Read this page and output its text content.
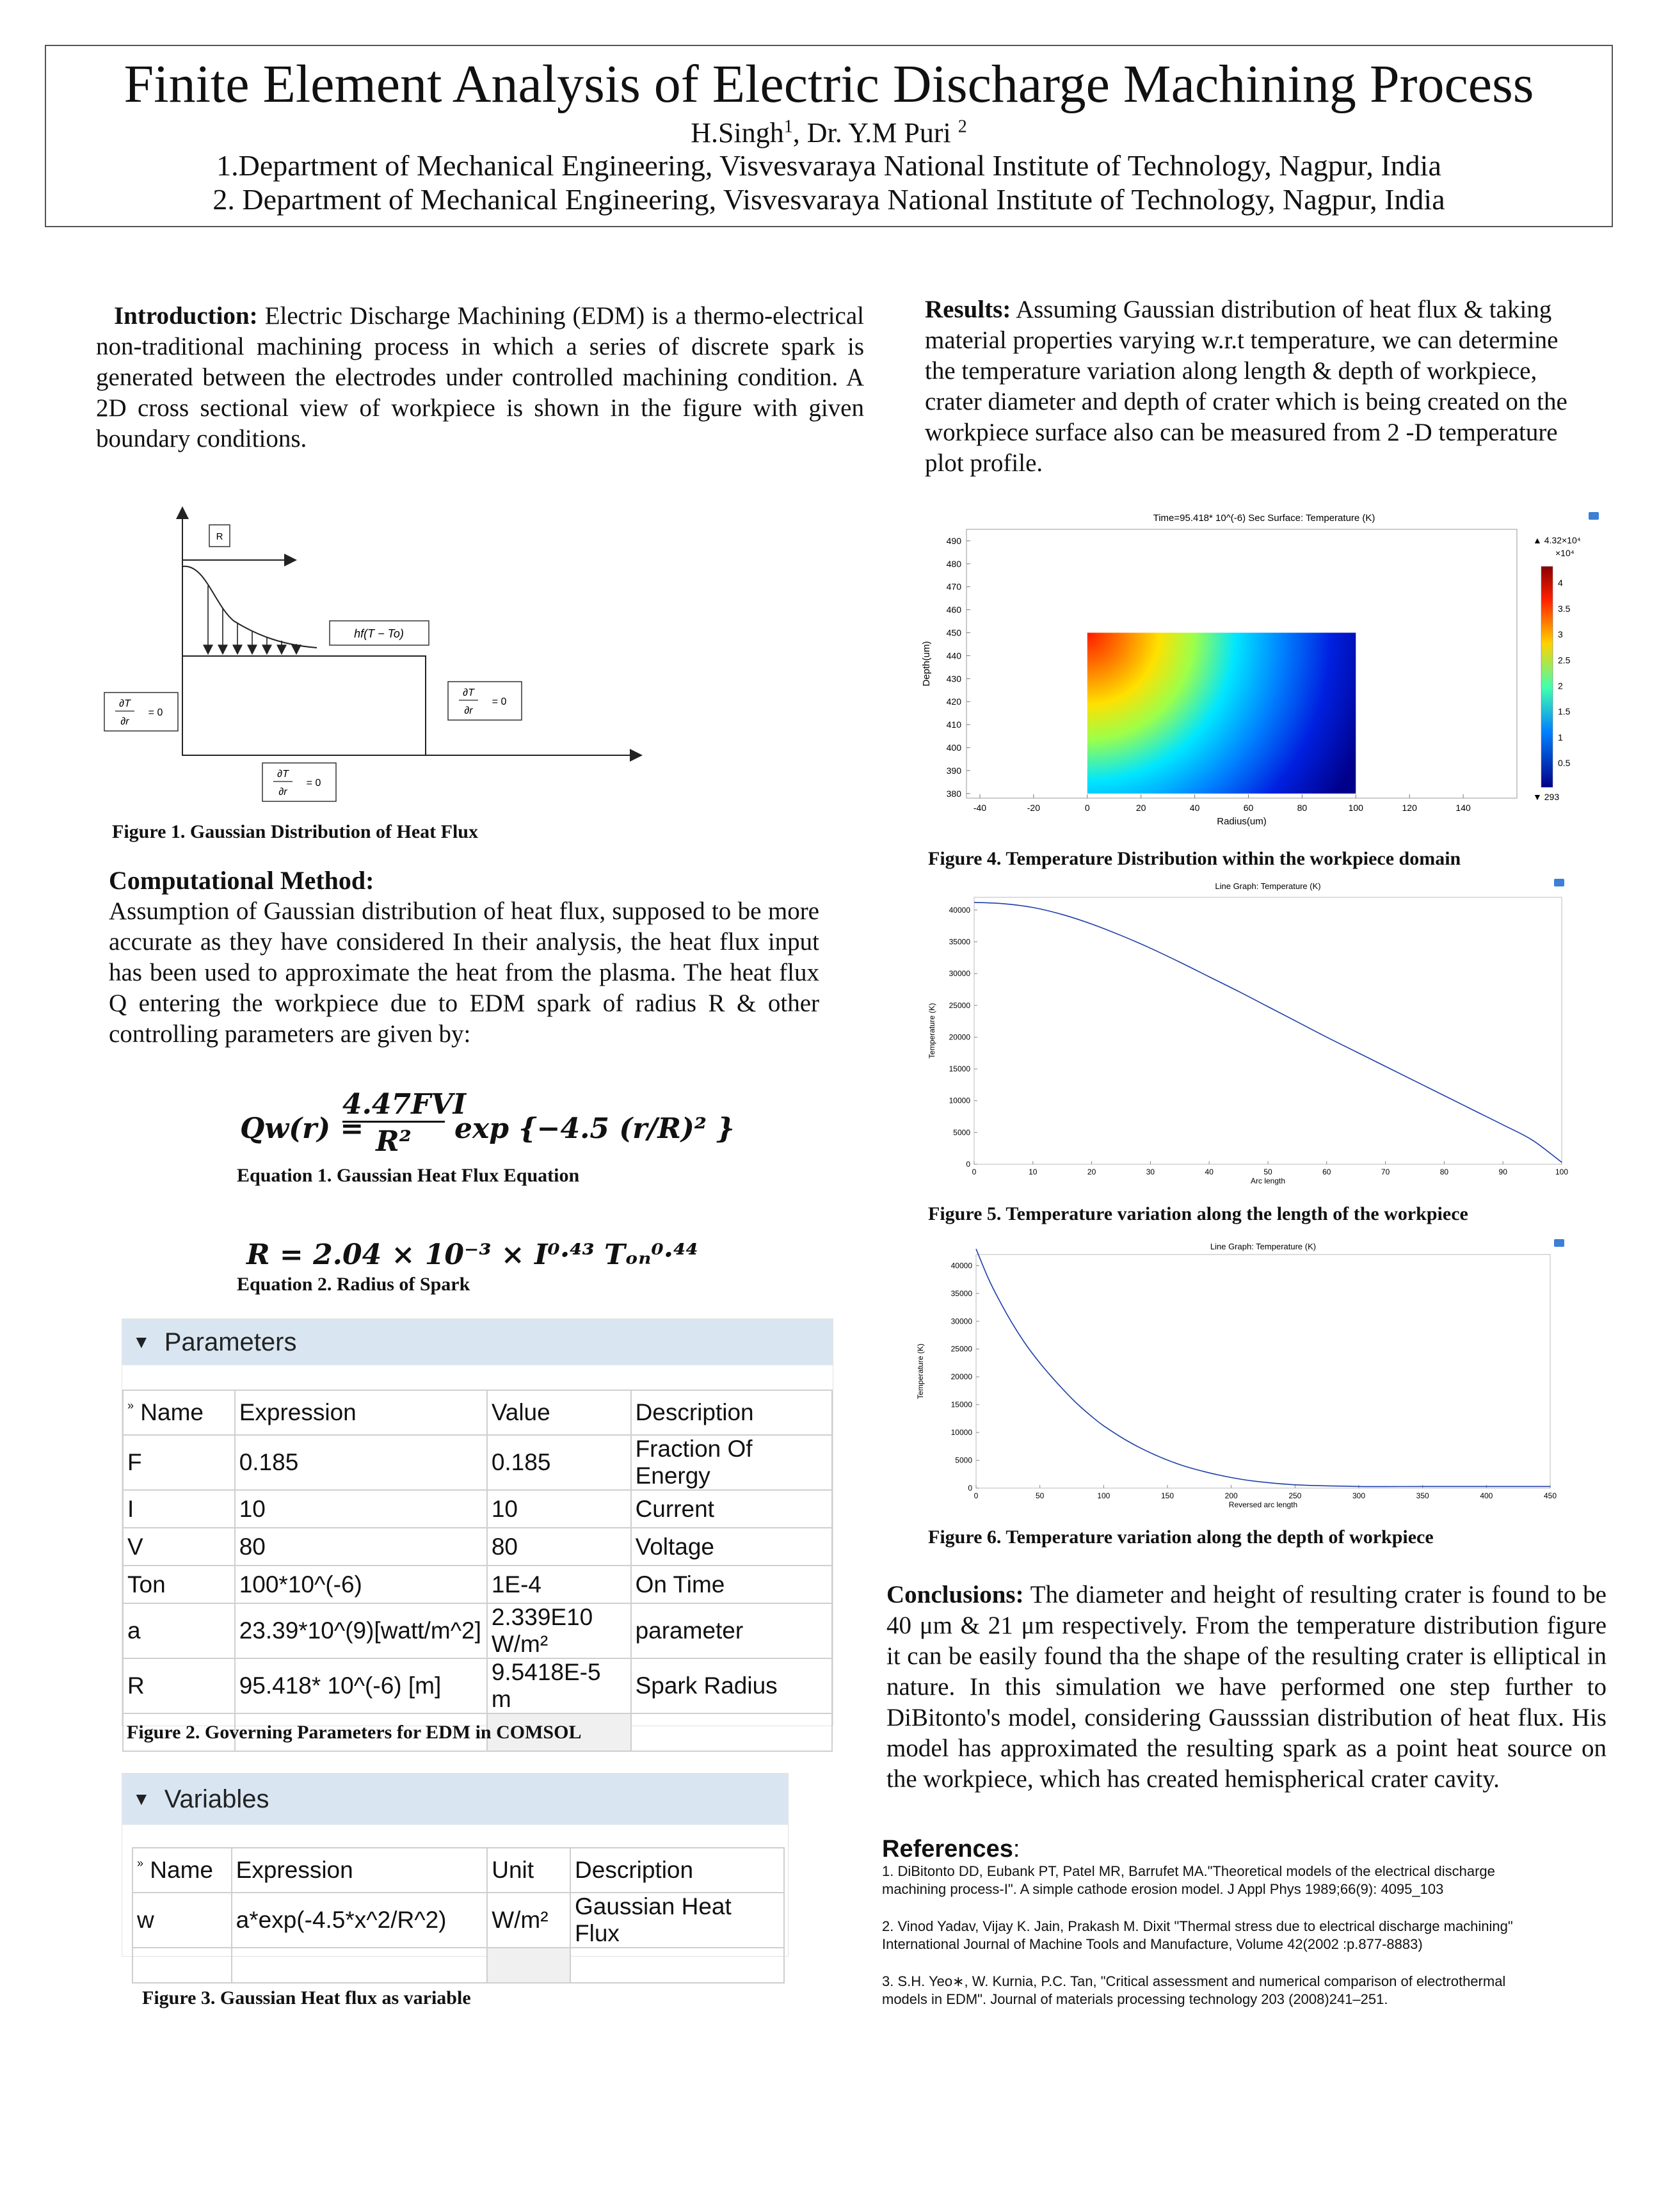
Finite Element Analysis of Electric Discharge Machining Process
H.Singh$^1$, Dr. Y.M Puri $^2$
1.Department of Mechanical Engineering, Visvesvaraya National Institute of Technology, Nagpur, India
2. Department of Mechanical Engineering, Visvesvaraya National Institute of Technology, Nagpur, India
Introduction: Electric Discharge Machining (EDM) is a thermo-electrical non-traditional machining process in which a series of discrete spark is generated between the electrodes under controlled machining condition. A 2D cross sectional view of workpiece is shown in the figure with given boundary conditions.
R
hf(T − To)
∂T
∂r
= 0
∂T
∂r
= 0
∂T
∂r
= 0
Figure 1. Gaussian Distribution of Heat Flux
Computational Method:
Assumption of Gaussian distribution of heat flux, supposed to be more accurate as they have considered In their analysis, the heat flux input has been used to approximate the heat from the plasma. The heat flux Q entering the workpiece due to EDM spark of radius R & other controlling parameters are given by:
Qw(r) =
4.47FVI
R²	exp {−4.5 (r/R)² }
Equation 1. Gaussian Heat Flux Equation
R = 2.04 × 10⁻³ × I⁰·⁴³ Tₒₙ⁰·⁴⁴
Equation 2. Radius of Spark
▼ Parameters
» Name	Expression	Value	Description
F	0.185	0.185	Fraction Of Energy
I	10	10	Current
V	80	80	Voltage
Ton	100*10^(-6)	1E-4	On Time
a	23.39*10^(9)[watt/m^2]	2.339E10 W/m²	parameter
R	95.418* 10^(-6) [m]	9.5418E-5 m	Spark Radius

Figure 2. Governing Parameters for EDM in COMSOL
▼ Variables
» Name	Expression	Unit	Description
w	a*exp(-4.5*x^2/R^2)	W/m²	Gaussian Heat Flux

Figure 3. Gaussian Heat flux as variable
Results: Assuming Gaussian distribution of heat flux & taking material properties varying w.r.t temperature, we can determine the temperature variation along length & depth of workpiece, crater diameter and depth of crater which is being created on the workpiece surface also can be measured from 2 -D temperature plot profile.
Time=95.418* 10^(-6) Sec Surface: Temperature (K)
-40	-20	0	20	40	60	80	100	120	140
380
390
400
410
420
430
440
450
460
470
480
490
Radius(um)
Depth(um)
▲ 4.32×10⁴
×10⁴
4
3.5
3
2.5
2
1.5
1
0.5
▼ 293
Figure 4. Temperature Distribution within the workpiece domain
Line Graph: Temperature (K)
0	10	20	30	40	50	60	70	80	90	100
0
5000
10000
15000
20000
25000
30000
35000
40000
Arc length
Temperature (K)
Figure 5. Temperature variation along the length of the workpiece
Line Graph: Temperature (K)
0	50	100	150	200	250	300	350	400	450
0
5000
10000
15000
20000
25000
30000
35000
40000
Reversed arc length
Temperature (K)
Figure 6. Temperature variation along the depth of workpiece
Conclusions: The diameter and height of resulting crater is found to be 40 μm & 21 μm respectively. From the temperature distribution figure it can be easily found tha the shape of the resulting crater is elliptical in nature. In this simulation we have performed one step further to DiBitonto's model, considering Gausssian distribution of heat flux. His model has approximated the resulting spark as a point heat source on the workpiece, which has created hemispherical crater cavity.
References:
1. DiBitonto DD, Eubank PT, Patel MR, Barrufet MA."Theoretical models of the electrical discharge
machining process-I". A simple cathode erosion model. J Appl Phys 1989;66(9): 4095_103
2. Vinod Yadav, Vijay K. Jain, Prakash M. Dixit "Thermal stress due to electrical discharge machining"
International Journal of Machine Tools and Manufacture, Volume 42(2002 :p.877-8883)
3. S.H. Yeo∗, W. Kurnia, P.C. Tan, "Critical assessment and numerical comparison of electrothermal
models in EDM". Journal of materials processing technology 203 (2008)241–251.
